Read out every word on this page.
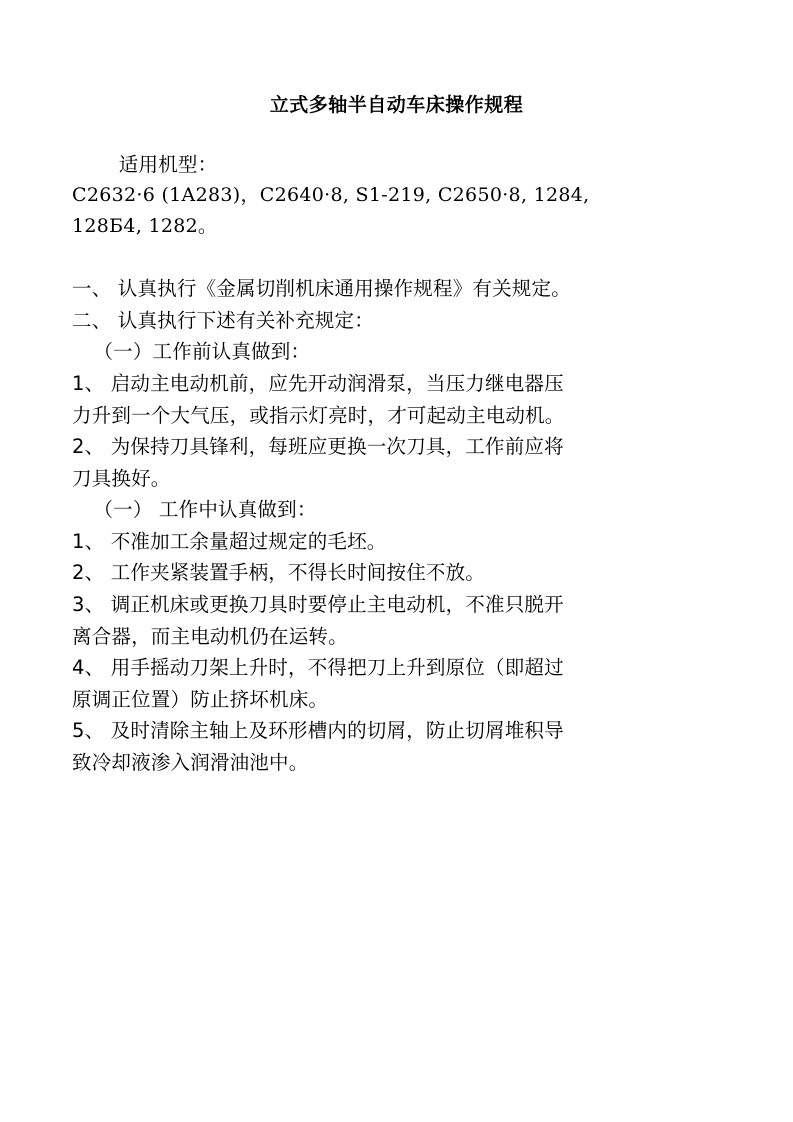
立式多轴半自动车床操作规程

适用机型：

C2632·6 (1A283)，C2640·8, S1-219, C2650·8, 1284,

128Б4, 1282。

一、 认真执行《金属切削机床通用操作规程》有关规定。

二、 认真执行下述有关补充规定：

（一）工作前认真做到：

1、 启动主电动机前，应先开动润滑泵，当压力继电器压

力升到一个大气压，或指示灯亮时，才可起动主电动机。

2、 为保持刀具锋利，每班应更换一次刀具，工作前应将

刀具换好。

（一） 工作中认真做到：

1、 不准加工余量超过规定的毛坯。

2、 工作夹紧装置手柄，不得长时间按住不放。

3、 调正机床或更换刀具时要停止主电动机，不准只脱开

离合器，而主电动机仍在运转。

4、 用手摇动刀架上升时，不得把刀上升到原位（即超过

原调正位置）防止挤坏机床。

5、 及时清除主轴上及环形槽内的切屑，防止切屑堆积导

致冷却液渗入润滑油池中。
